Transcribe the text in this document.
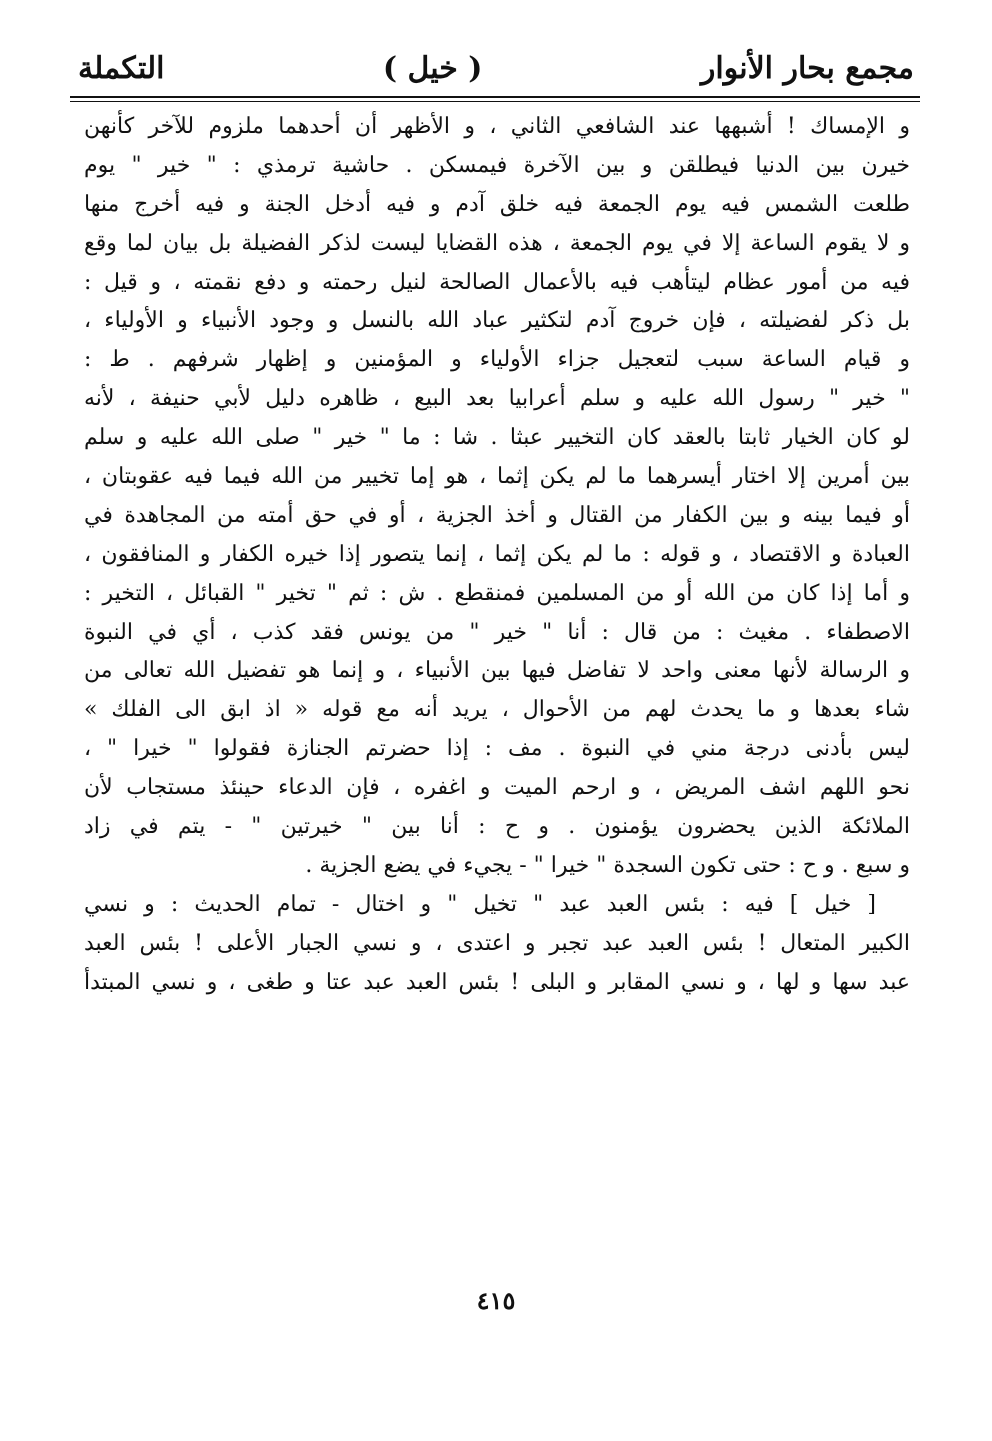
مجمع بحار الأنوار
( خيل )
التكملة
و الإمساك ! أشبهها عند الشافعي الثاني ، و الأظهر أن أحدهما ملزوم للآخر كأنهن
خيرن بين الدنيا فيطلقن و بين الآخرة فيمسكن . حاشية ترمذي : " خير " يوم
طلعت الشمس فيه يوم الجمعة فيه خلق آدم و فيه أدخل الجنة و فيه أخرج منها
و لا يقوم الساعة إلا في يوم الجمعة ، هذه القضايا ليست لذكر الفضيلة بل بيان لما وقع
فيه من أمور عظام ليتأهب فيه بالأعمال الصالحة لنيل رحمته و دفع نقمته ، و قيل :
بل ذكر لفضيلته ، فإن خروج آدم لتكثير عباد الله بالنسل و وجود الأنبياء و الأولياء ،
و قيام الساعة سبب لتعجيل جزاء الأولياء و المؤمنين و إظهار شرفهم . ط :
" خير " رسول الله عليه و سلم أعرابيا بعد البيع ، ظاهره دليل لأبي حنيفة ، لأنه
لو كان الخيار ثابتا بالعقد كان التخيير عبثا . شا : ما " خير " صلى الله عليه و سلم
بين أمرين إلا اختار أيسرهما ما لم يكن إثما ، هو إما تخيير من الله فيما فيه عقوبتان ،
أو فيما بينه و بين الكفار من القتال و أخذ الجزية ، أو في حق أمته من المجاهدة في
العبادة و الاقتصاد ، و قوله : ما لم يكن إثما ، إنما يتصور إذا خيره الكفار و المنافقون ،
و أما إذا كان من الله أو من المسلمين فمنقطع . ش : ثم " تخير " القبائل ، التخير :
الاصطفاء . مغيث : من قال : أنا " خير " من يونس فقد كذب ، أي في النبوة
و الرسالة لأنها معنى واحد لا تفاضل فيها بين الأنبياء ، و إنما هو تفضيل الله تعالى من
شاء بعدها و ما يحدث لهم من الأحوال ، يريد أنه مع قوله « اذ ابق الى الفلك »
ليس بأدنى درجة مني في النبوة . مف : إذا حضرتم الجنازة فقولوا " خيرا " ،
نحو اللهم اشف المريض ، و ارحم الميت و اغفره ، فإن الدعاء حينئذ مستجاب لأن
الملائكة الذين يحضرون يؤمنون . و ح : أنا بين " خيرتين " - يتم في زاد
و سبع . و ح : حتى تكون السجدة " خيرا " - يجيء في يضع الجزية .
[ خيل ] فيه : بئس العبد عبد " تخيل " و اختال - تمام الحديث : و نسي
الكبير المتعال ! بئس العبد عبد تجبر و اعتدى ، و نسي الجبار الأعلى ! بئس العبد
عبد سها و لها ، و نسي المقابر و البلى ! بئس العبد عبد عتا و طغى ، و نسي المبتدأ
٤١٥
